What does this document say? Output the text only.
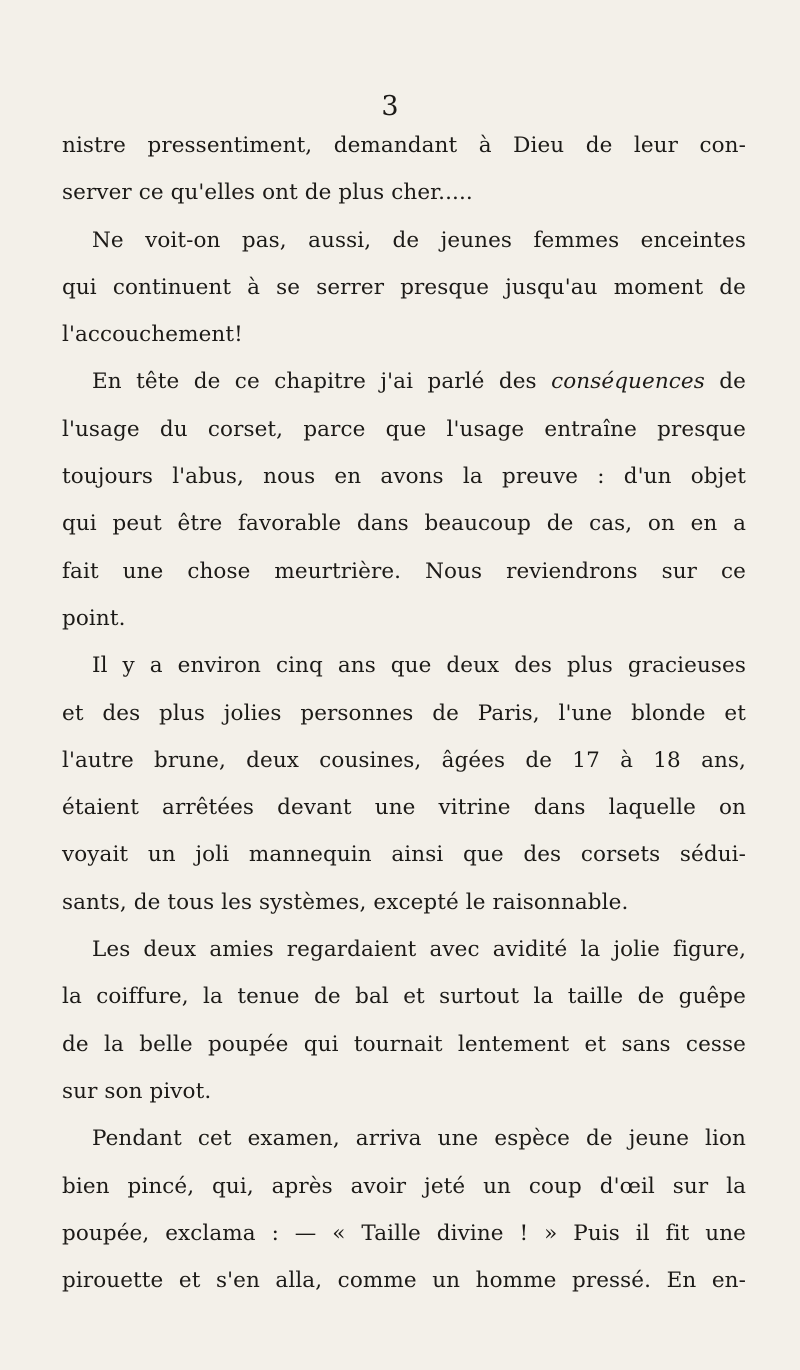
3
nistre pressentiment, demandant à Dieu de leur con-
server ce qu'elles ont de plus cher.....
Ne voit-on pas, aussi, de jeunes femmes enceintes
qui continuent à se serrer presque jusqu'au moment de
l'accouchement!
En tête de ce chapitre j'ai parlé des conséquences de
l'usage du corset, parce que l'usage entraîne presque
toujours l'abus, nous en avons la preuve : d'un objet
qui peut être favorable dans beaucoup de cas, on en a
fait une chose meurtrière. Nous reviendrons sur ce
point.
Il y a environ cinq ans que deux des plus gracieuses
et des plus jolies personnes de Paris, l'une blonde et
l'autre brune, deux cousines, âgées de 17 à 18 ans,
étaient arrêtées devant une vitrine dans laquelle on
voyait un joli mannequin ainsi que des corsets sédui-
sants, de tous les systèmes, excepté le raisonnable.
Les deux amies regardaient avec avidité la jolie figure,
la coiffure, la tenue de bal et surtout la taille de guêpe
de la belle poupée qui tournait lentement et sans cesse
sur son pivot.
Pendant cet examen, arriva une espèce de jeune lion
bien pincé, qui, après avoir jeté un coup d'œil sur la
poupée, exclama : — « Taille divine ! » Puis il fit une
pirouette et s'en alla, comme un homme pressé. En en-
